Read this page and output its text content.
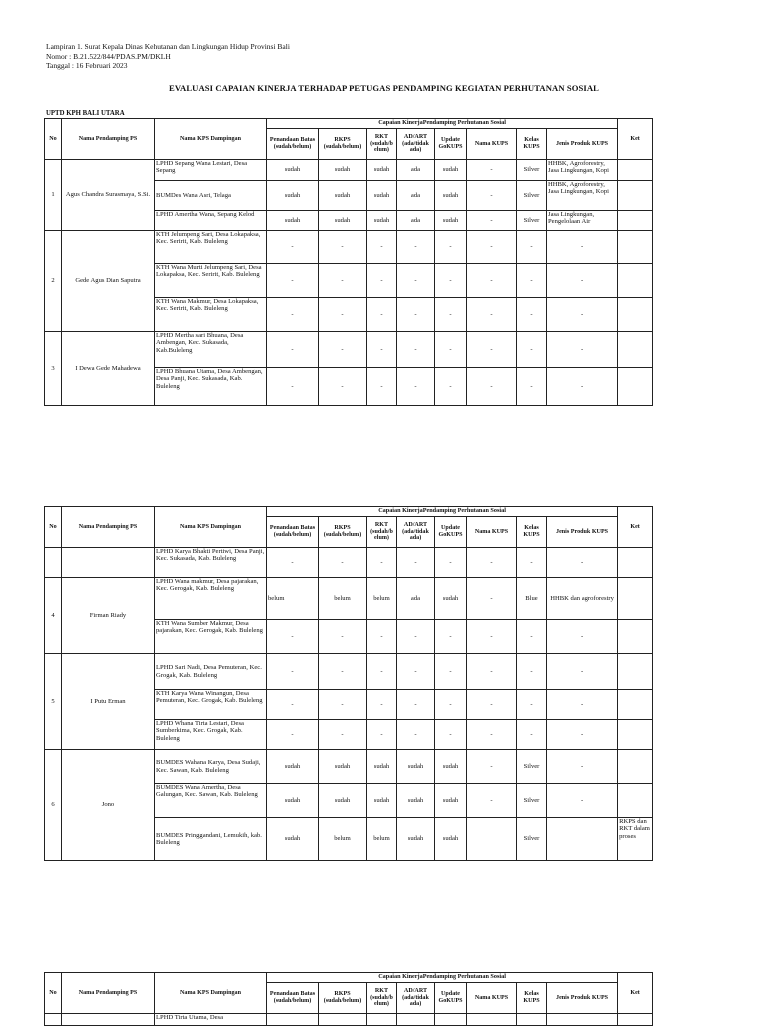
Lampiran 1. Surat Kepala Dinas Kehutanan dan Lingkungan Hidup Provinsi Bali
Nomor : B.21.522/844/PDAS.PM/DKLH
Tanggal : 16 Februari 2023
EVALUASI CAPAIAN KINERJA TERHADAP PETUGAS PENDAMPING KEGIATAN PERHUTANAN SOSIAL
UPTD KPH BALI UTARA
No	Nama Pendamping PS	Nama KPS Dampingan	Capaian KinerjaPendamping Perhutanan Sosial								Ket
			Penandaan Batas (sudah/belum)	RKPS (sudah/belum)	RKT (sudah/b elum)	AD/ART (ada/tidak ada)	Update GoKUPS	Nama KUPS	Kelas KUPS	Jenis Produk KUPS	
1	Agus Chandra Surasmaya, S.Si.	LPHD Sepang Wana Lestari, Desa Sepang	sudah	sudah	sudah	ada	sudah	-	Silver	HHBK, Agroforestry, Jasa Lingkungan, Kopi	
		BUMDes Wana Asri, Telaga	sudah	sudah	sudah	ada	sudah	-	Silver	HHBK, Agroforestry, Jasa Lingkungan, Kopi	
		LPHD Amertha Wana, Sepang Kelod	sudah	sudah	sudah	ada	sudah	-	Silver	Jasa Lingkungan, Pengelolaan Air	
2	Gede Agus Dian Saputra	KTH Jelumpeng Sari, Desa Lokapaksa, Kec. Seririt, Kab. Buleleng	-	-	-	-	-	-	-	-	
		KTH Wana Murti Jelumpeng Sari, Desa Lokapaksa, Kec. Seririt, Kab. Buleleng	-	-	-	-	-	-	-	-	
		KTH Wana Makmur, Desa Lokapaksa, Kec. Seririt, Kab. Buleleng	-	-	-	-	-	-	-	-	
3	I Dewa Gede Mahadewa	LPHD Mertha sari Bhuana, Desa Ambengan, Kec. Sukasada, Kab.Buleleng	-	-	-	-	-	-	-	-	
		LPHD Bhuana Utama, Desa Ambengan, Desa Panji, Kec. Sukasada, Kab. Buleleng	-	-	-	-	-	-	-	-	
No	Nama Pendamping PS	Nama KPS Dampingan	Capaian KinerjaPendamping Perhutanan Sosial								Ket
			Penandaan Batas (sudah/belum)	RKPS (sudah/belum)	RKT (sudah/b elum)	AD/ART (ada/tidak ada)	Update GoKUPS	Nama KUPS	Kelas KUPS	Jenis Produk KUPS	
		LPHD Karya Bhakti Pertiwi, Desa Panji, Kec. Sukasada, Kab. Buleleng	-	-	-	-	-	-	-	-	
4	Firman Riady	LPHD Wana makmur, Desa pajarakan, Kec. Gerogak, Kab. Buleleng	belum	belum	belum	ada	sudah	-	Blue	HHBK dan agroforestry	
		KTH Wana Sumber Makmur, Desa pajarakan, Kec. Gerogak, Kab. Buleleng	-	-	-	-	-	-	-	-	
5	I Putu Erman	LPHD Sari Nadi, Desa Pemuteran, Kec. Grogak, Kab. Buleleng	-	-	-	-	-	-	-	-	
		KTH Karya Wana Winangun, Desa Pemuteran, Kec. Grogak, Kab. Buleleng	-	-	-	-	-	-	-	-	
		LPHD Whana Tirta Lestari, Desa Sumberkima, Kec. Grogak, Kab. Buleleng	-	-	-	-	-	-	-	-	
6	Jono	BUMDES Wahana Karya, Desa Sudaji, Kec. Sawan, Kab. Buleleng	sudah	sudah	sudah	sudah	sudah	-	Silver	-	
		BUMDES Wana Amertha, Desa Galungan, Kec. Sawan, Kab. Buleleng	sudah	sudah	sudah	sudah	sudah	-	Silver	-	
		BUMDES Pringgandani, Lemukih, kab. Buleleng	sudah	belum	belum	sudah	sudah		Silver		RKPS dan RKT dalam proses
No	Nama Pendamping PS	Nama KPS Dampingan	Capaian KinerjaPendamping Perhutanan Sosial								Ket
			Penandaan Batas (sudah/belum)	RKPS (sudah/belum)	RKT (sudah/b elum)	AD/ART (ada/tidak ada)	Update GoKUPS	Nama KUPS	Kelas KUPS	Jenis Produk KUPS	
		LPHD Tirta Utama, Desa									
